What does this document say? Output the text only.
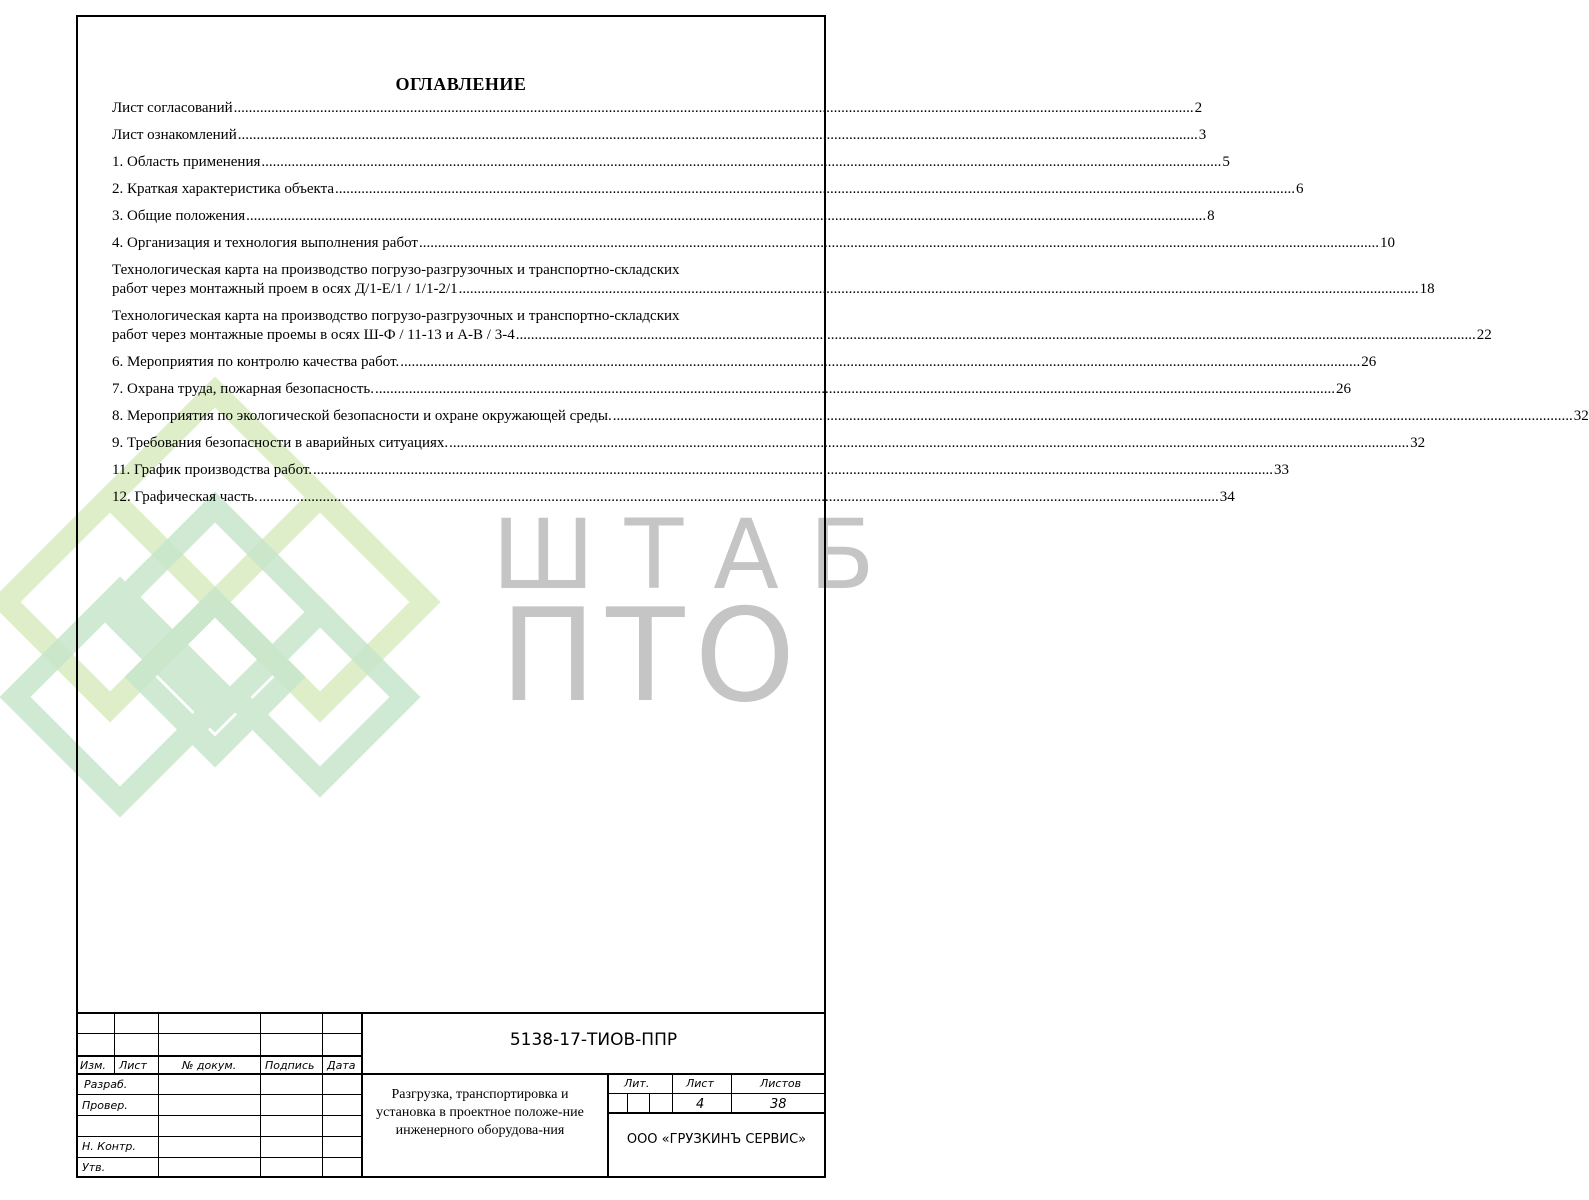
ШТАБ
ПТО
ОГЛАВЛЕНИЕ
Лист согласований .....	2
Лист ознакомлений .....	3
1. Область применения .....	5
2. Краткая характеристика объекта .....	6
3. Общие положения .....	8
4. Организация и технология выполнения работ .....	10
Технологическая карта на производство погрузо-разгрузочных и транспортно-складских
работ через монтажный проем в осях Д/1-Е/1 / 1/1-2/1 .....	18
Технологическая карта на производство погрузо-разгрузочных и транспортно-складских
работ через монтажные проемы в осях Ш-Ф / 11-13 и А-В / 3-4 .....	22
6. Мероприятия по контролю качества работ. .....	26
7. Охрана труда, пожарная безопасность. .....	26
8. Мероприятия по экологической безопасности и охране окружающей среды. .....	32
9. Требования безопасности в аварийных ситуациях. .....	32
11. График производства работ. .....	33
12. Графическая часть. .....	34
Изм. Лист	№ докум.	Подпись Дата
Разраб.
Провер.
Н. Контр.
Утв.
5138-17-ТИОВ-ППР
Разгрузка, транспортировка и установка в проектное положе-ние инженерного оборудова-ния
Лит.	Лист	Листов
4	38
ООО «ГРУЗКИНЪ СЕРВИС»
